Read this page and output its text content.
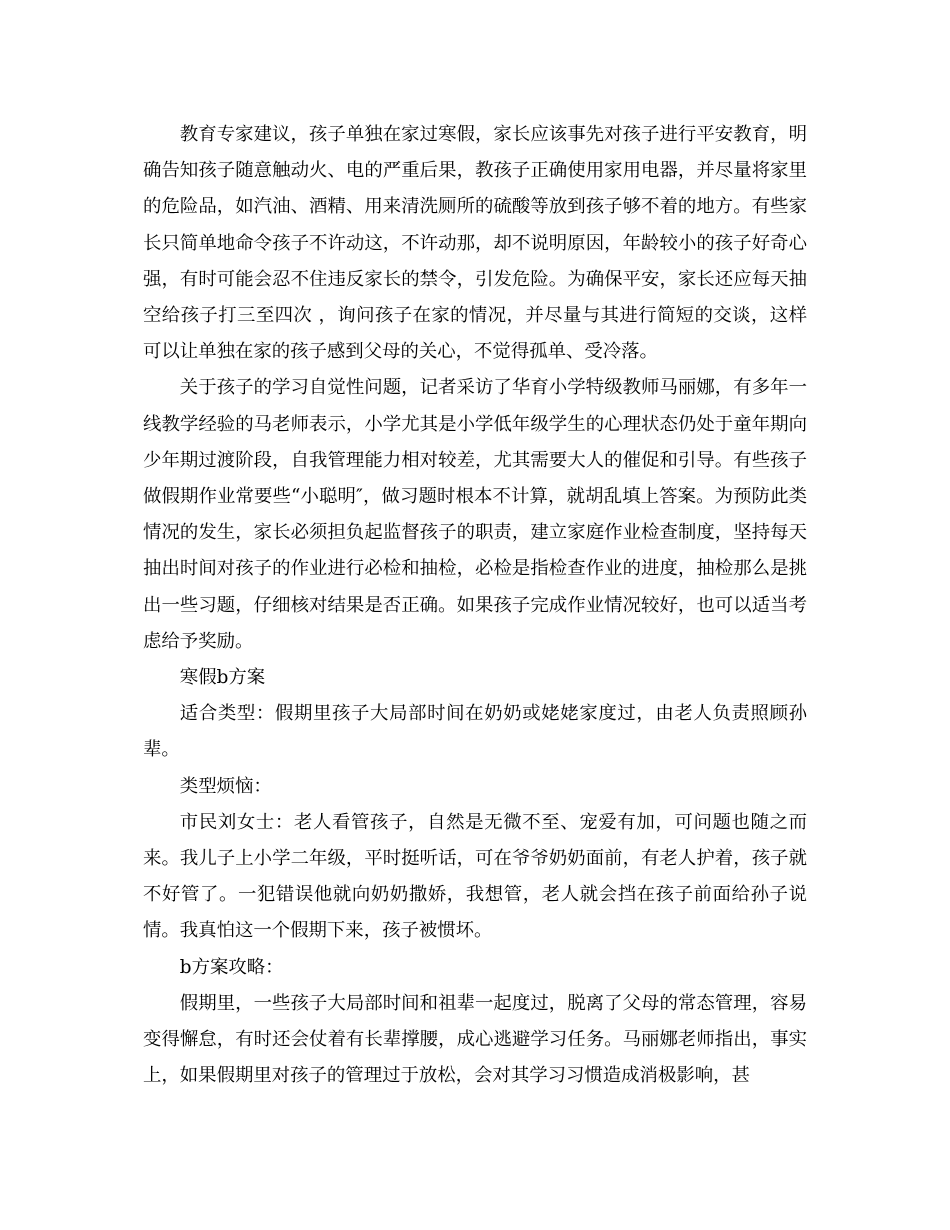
教育专家建议，孩子单独在家过寒假，家长应该事先对孩子进行平安教育，明确告知孩子随意触动火、电的严重后果，教孩子正确使用家用电器，并尽量将家里的危险品，如汽油、酒精、用来清洗厕所的硫酸等放到孩子够不着的地方。有些家长只简单地命令孩子不许动这，不许动那，却不说明原因，年龄较小的孩子好奇心强，有时可能会忍不住违反家长的禁令，引发危险。为确保平安，家长还应每天抽空给孩子打三至四次 ，询问孩子在家的情况，并尽量与其进行简短的交谈，这样可以让单独在家的孩子感到父母的关心，不觉得孤单、受冷落。

关于孩子的学习自觉性问题，记者采访了华育小学特级教师马丽娜，有多年一线教学经验的马老师表示，小学尤其是小学低年级学生的心理状态仍处于童年期向少年期过渡阶段，自我管理能力相对较差，尤其需要大人的催促和引导。有些孩子做假期作业常要些“小聪明″，做习题时根本不计算，就胡乱填上答案。为预防此类情况的发生，家长必须担负起监督孩子的职责，建立家庭作业检查制度，坚持每天抽出时间对孩子的作业进行必检和抽检，必检是指检查作业的进度，抽检那么是挑出一些习题，仔细核对结果是否正确。如果孩子完成作业情况较好，也可以适当考虑给予奖励。

寒假b方案

适合类型：假期里孩子大局部时间在奶奶或姥姥家度过，由老人负责照顾孙辈。

类型烦恼：

市民刘女士：老人看管孩子，自然是无微不至、宠爱有加，可问题也随之而来。我儿子上小学二年级，平时挺听话，可在爷爷奶奶面前，有老人护着，孩子就不好管了。一犯错误他就向奶奶撒娇，我想管，老人就会挡在孩子前面给孙子说情。我真怕这一个假期下来，孩子被惯坏。

b方案攻略：

假期里，一些孩子大局部时间和祖辈一起度过，脱离了父母的常态管理，容易变得懈怠，有时还会仗着有长辈撑腰，成心逃避学习任务。马丽娜老师指出，事实上，如果假期里对孩子的管理过于放松，会对其学习习惯造成消极影响，甚
